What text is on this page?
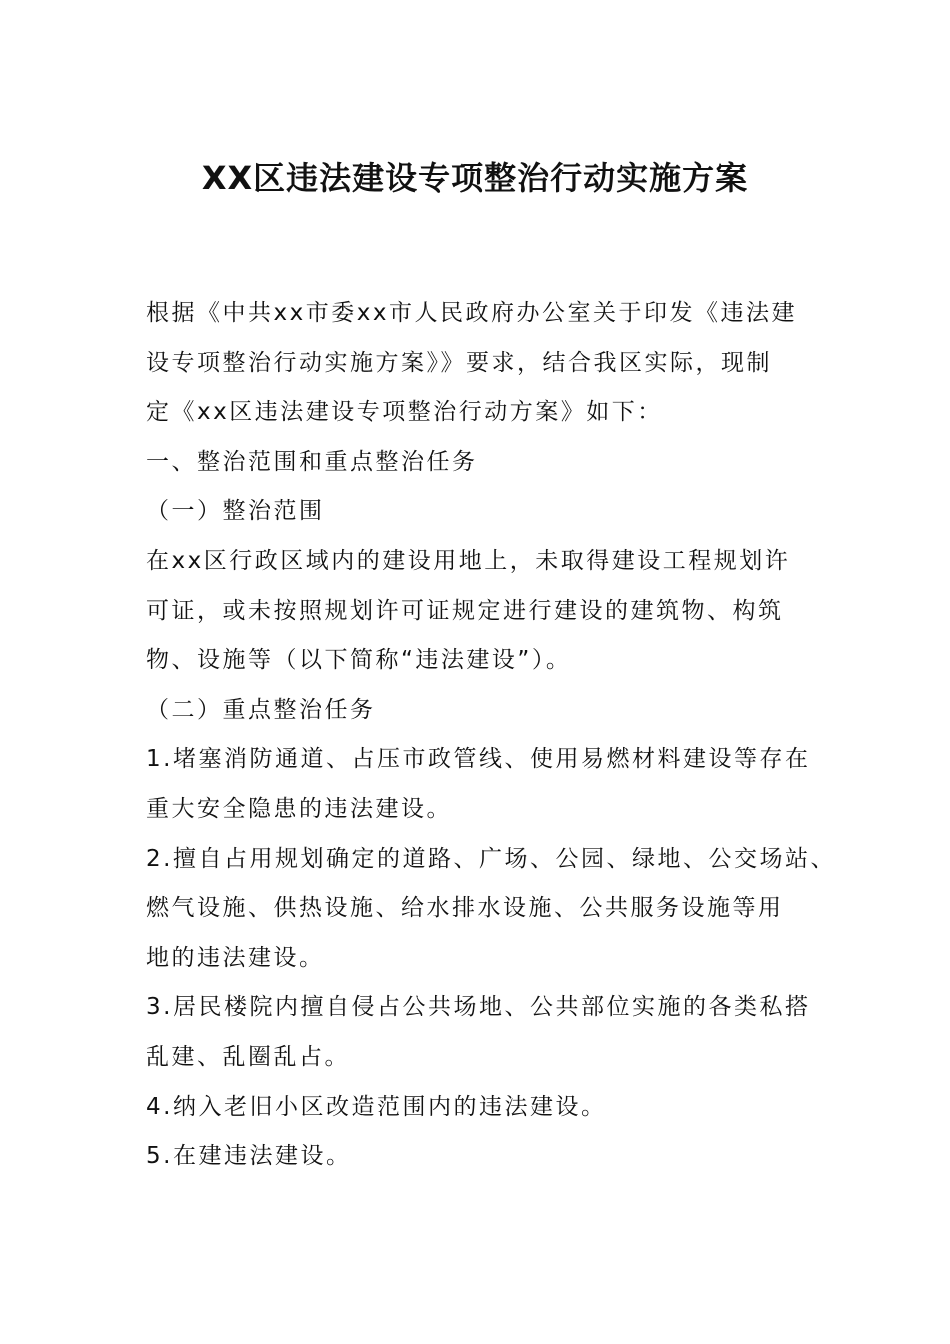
XX区违法建设专项整治行动实施方案
根据《中共xx市委xx市人民政府办公室关于印发《违法建
设专项整治行动实施方案》》要求，结合我区实际，现制
定《xx区违法建设专项整治行动方案》如下：
一、整治范围和重点整治任务
（一）整治范围
在xx区行政区域内的建设用地上，未取得建设工程规划许
可证，或未按照规划许可证规定进行建设的建筑物、构筑
物、设施等（以下简称“违法建设”）。
（二）重点整治任务
1.堵塞消防通道、占压市政管线、使用易燃材料建设等存在
重大安全隐患的违法建设。
2.擅自占用规划确定的道路、广场、公园、绿地、公交场站、
燃气设施、供热设施、给水排水设施、公共服务设施等用
地的违法建设。
3.居民楼院内擅自侵占公共场地、公共部位实施的各类私搭
乱建、乱圈乱占。
4.纳入老旧小区改造范围内的违法建设。
5.在建违法建设。
